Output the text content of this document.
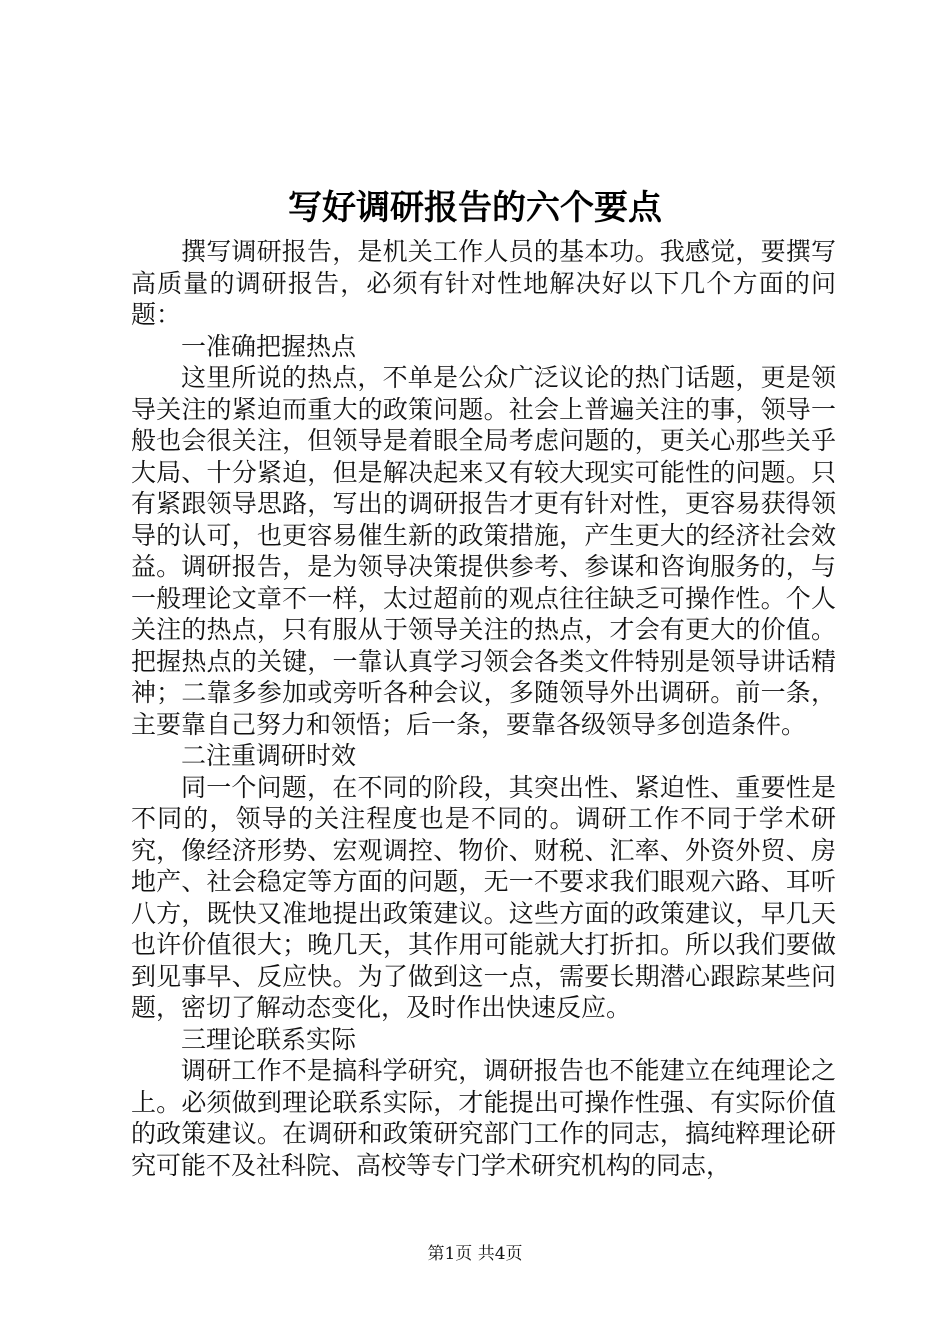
写好调研报告的六个要点

撰写调研报告，是机关工作人员的基本功。我感觉，要撰写高质量的调研报告，必须有针对性地解决好以下几个方面的问题：

一准确把握热点

这里所说的热点，不单是公众广泛议论的热门话题，更是领导关注的紧迫而重大的政策问题。社会上普遍关注的事，领导一般也会很关注，但领导是着眼全局考虑问题的，更关心那些关乎大局、十分紧迫，但是解决起来又有较大现实可能性的问题。只有紧跟领导思路，写出的调研报告才更有针对性，更容易获得领导的认可，也更容易催生新的政策措施，产生更大的经济社会效益。调研报告，是为领导决策提供参考、参谋和咨询服务的，与一般理论文章不一样，太过超前的观点往往缺乏可操作性。个人关注的热点，只有服从于领导关注的热点，才会有更大的价值。把握热点的关键，一靠认真学习领会各类文件特别是领导讲话精神；二靠多参加或旁听各种会议，多随领导外出调研。前一条，主要靠自己努力和领悟；后一条，要靠各级领导多创造条件。

二注重调研时效

同一个问题，在不同的阶段，其突出性、紧迫性、重要性是不同的，领导的关注程度也是不同的。调研工作不同于学术研究，像经济形势、宏观调控、物价、财税、汇率、外资外贸、房地产、社会稳定等方面的问题，无一不要求我们眼观六路、耳听八方，既快又准地提出政策建议。这些方面的政策建议，早几天也许价值很大；晚几天，其作用可能就大打折扣。所以我们要做到见事早、反应快。为了做到这一点，需要长期潜心跟踪某些问题，密切了解动态变化，及时作出快速反应。

三理论联系实际

调研工作不是搞科学研究，调研报告也不能建立在纯理论之上。必须做到理论联系实际，才能提出可操作性强、有实际价值的政策建议。在调研和政策研究部门工作的同志，搞纯粹理论研究可能不及社科院、高校等专门学术研究机构的同志，

第1页 共4页
